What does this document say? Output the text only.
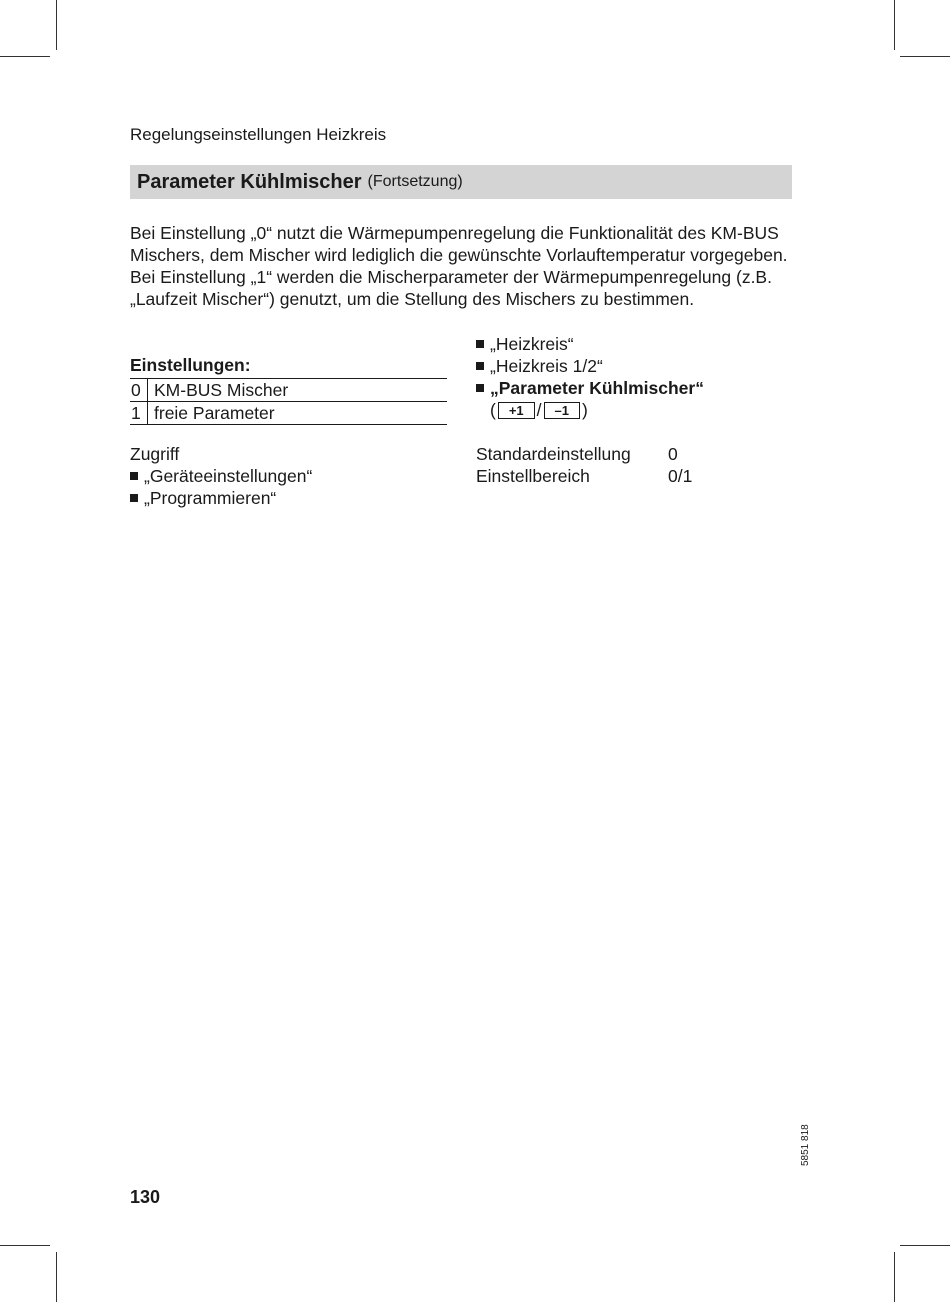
Regelungseinstellungen Heizkreis
Parameter Kühlmischer (Fortsetzung)

Bei Einstellung „0“ nutzt die Wärmepumpenregelung die Funktionalität des KM-BUS Mischers, dem Mischer wird lediglich die gewünschte Vorlauftemperatur vorgegeben.

Bei Einstellung „1“ werden die Mischerparameter der Wärmepumpenregelung (z.B. „Laufzeit Mischer“) genutzt, um die Stellung des Mischers zu bestimmen.

„Heizkreis“
„Heizkreis 1/2“
„Parameter Kühlmischer“
(	+1 /	–1 )
Einstellungen:
0 KM-BUS Mischer
1 freie Parameter
Zugriff
„Geräteeinstellungen“
„Programmieren“
Standardeinstellung	0
Einstellbereich	0/1
5851 818
130
